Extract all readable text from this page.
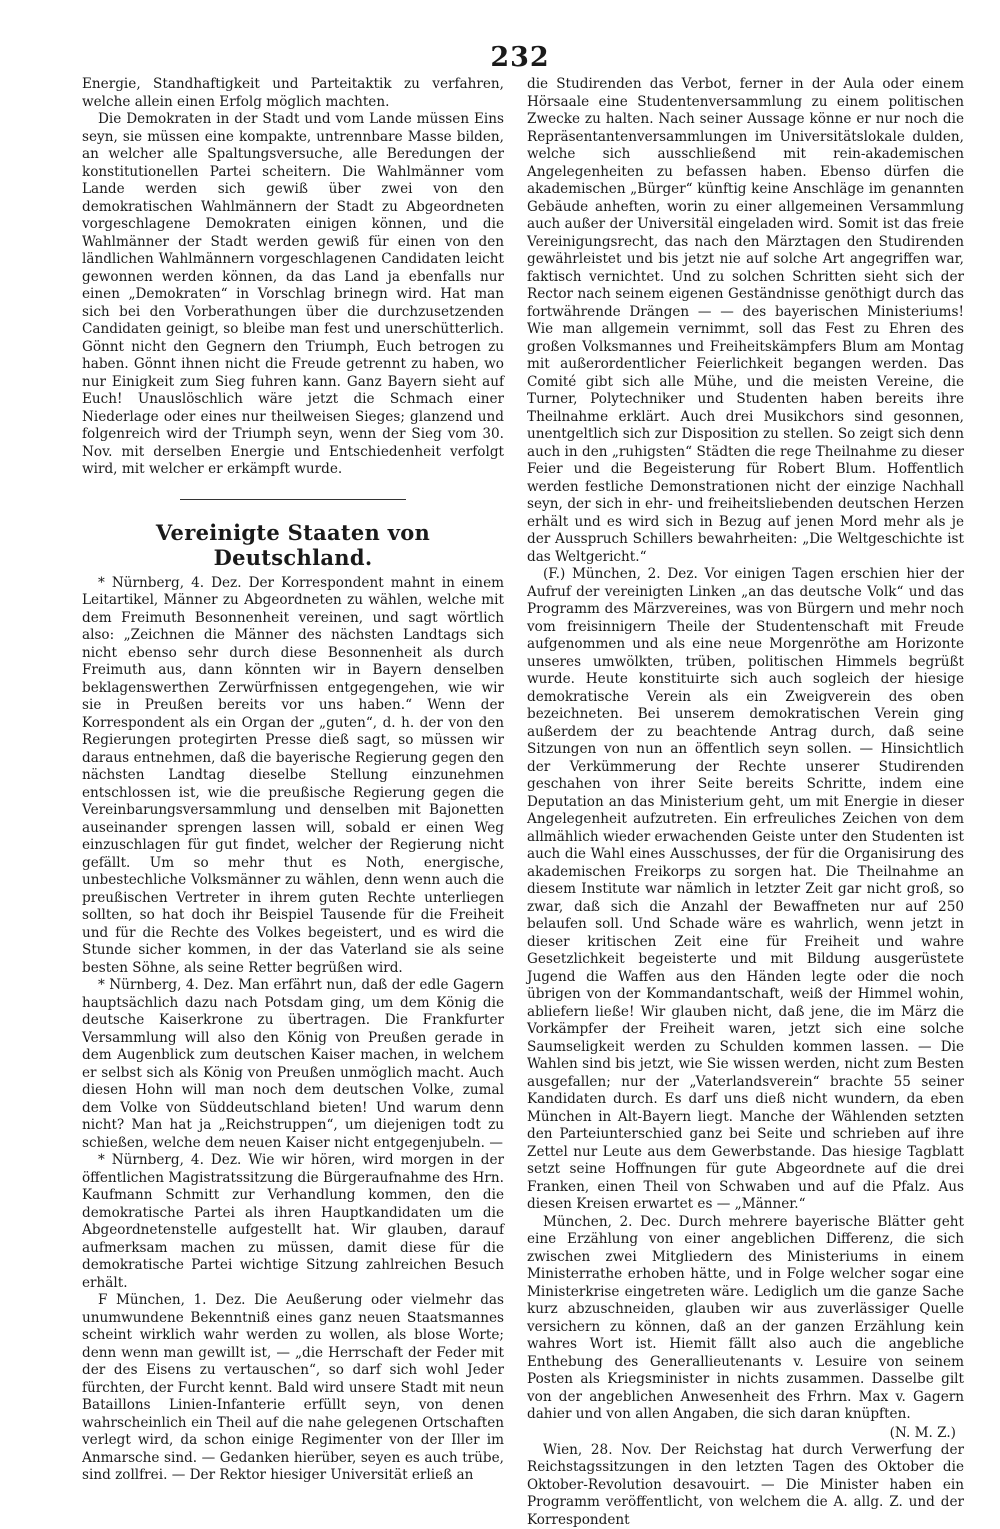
232

Energie, Standhaftigkeit und Parteitaktik zu verfahren, welche allein einen Erfolg möglich machten.

Die Demokraten in der Stadt und vom Lande müssen Eins seyn, sie müssen eine kompakte, untrennbare Masse bilden, an welcher alle Spaltungsversuche, alle Beredungen der konstitutionellen Partei scheitern. Die Wahlmänner vom Lande werden sich gewiß über zwei von den demokratischen Wahlmännern der Stadt zu Abgeordneten vorgeschlagene Demokraten einigen können, und die Wahlmänner der Stadt werden gewiß für einen von den ländlichen Wahlmännern vorgeschlagenen Candidaten leicht gewonnen werden können, da das Land ja ebenfalls nur einen „Demokraten“ in Vorschlag brinegn wird. Hat man sich bei den Vorberathungen über die durchzusetzenden Candidaten geinigt, so bleibe man fest und unerschütterlich. Gönnt nicht den Gegnern den Triumph, Euch betrogen zu haben. Gönnt ihnen nicht die Freude getrennt zu haben, wo nur Einigkeit zum Sieg fuhren kann. Ganz Bayern sieht auf Euch! Unauslöschlich wäre jetzt die Schmach einer Niederlage oder eines nur theilweisen Sieges; glanzend und folgenreich wird der Triumph seyn, wenn der Sieg vom 30. Nov. mit derselben Energie und Entschiedenheit verfolgt wird, mit welcher er erkämpft wurde.

Vereinigte Staaten von Deutschland.

* Nürnberg, 4. Dez. Der Korrespondent mahnt in einem Leitartikel, Männer zu Abgeordneten zu wählen, welche mit dem Freimuth Besonnenheit vereinen, und sagt wörtlich also: „Zeichnen die Männer des nächsten Landtags sich nicht ebenso sehr durch diese Besonnenheit als durch Freimuth aus, dann könnten wir in Bayern denselben beklagenswerthen Zerwürfnissen entgegengehen, wie wir sie in Preußen bereits vor uns haben.“ Wenn der Korrespondent als ein Organ der „guten“, d. h. der von den Regierungen protegirten Presse dieß sagt, so müssen wir daraus entnehmen, daß die bayerische Regierung gegen den nächsten Landtag dieselbe Stellung einzunehmen entschlossen ist, wie die preußische Regierung gegen die Vereinbarungsversammlung und denselben mit Bajonetten auseinander sprengen lassen will, sobald er einen Weg einzuschlagen für gut findet, welcher der Regierung nicht gefällt. Um so mehr thut es Noth, energische, unbestechliche Volksmänner zu wählen, denn wenn auch die preußischen Vertreter in ihrem guten Rechte unterliegen sollten, so hat doch ihr Beispiel Tausende für die Freiheit und für die Rechte des Volkes begeistert, und es wird die Stunde sicher kommen, in der das Vaterland sie als seine besten Söhne, als seine Retter begrüßen wird.

* Nürnberg, 4. Dez. Man erfährt nun, daß der edle Gagern hauptsächlich dazu nach Potsdam ging, um dem König die deutsche Kaiserkrone zu übertragen. Die Frankfurter Versammlung will also den König von Preußen gerade in dem Augenblick zum deutschen Kaiser machen, in welchem er selbst sich als König von Preußen unmöglich macht. Auch diesen Hohn will man noch dem deutschen Volke, zumal dem Volke von Süddeutschland bieten! Und warum denn nicht? Man hat ja „Reichstruppen“, um diejenigen todt zu schießen, welche dem neuen Kaiser nicht entgegenjubeln. —

* Nürnberg, 4. Dez. Wie wir hören, wird morgen in der öffentlichen Magistratssitzung die Bürgeraufnahme des Hrn. Kaufmann Schmitt zur Verhandlung kommen, den die demokratische Partei als ihren Hauptkandidaten um die Abgeordnetenstelle aufgestellt hat. Wir glauben, darauf aufmerksam machen zu müssen, damit diese für die demokratische Partei wichtige Sitzung zahlreichen Besuch erhält.

F München, 1. Dez. Die Aeußerung oder vielmehr das unumwundene Bekenntniß eines ganz neuen Staatsmannes scheint wirklich wahr werden zu wollen, als blose Worte; denn wenn man gewillt ist, — „die Herrschaft der Feder mit der des Eisens zu vertauschen“, so darf sich wohl Jeder fürchten, der Furcht kennt. Bald wird unsere Stadt mit neun Bataillons Linien-Infanterie erfüllt seyn, von denen wahrscheinlich ein Theil auf die nahe gelegenen Ortschaften verlegt wird, da schon einige Regimenter von der Iller im Anmarsche sind. — Gedanken hierüber, seyen es auch trübe, sind zollfrei. — Der Rektor hiesiger Universität erließ an

die Studirenden das Verbot, ferner in der Aula oder einem Hörsaale eine Studentenversammlung zu einem politischen Zwecke zu halten. Nach seiner Aussage könne er nur noch die Repräsentantenversammlungen im Universitätslokale dulden, welche sich ausschließend mit rein-akademischen Angelegenheiten zu befassen haben. Ebenso dürfen die akademischen „Bürger“ künftig keine Anschläge im genannten Gebäude anheften, worin zu einer allgemeinen Versammlung auch außer der Universitäl eingeladen wird. Somit ist das freie Vereinigungsrecht, das nach den Märztagen den Studirenden gewährleistet und bis jetzt nie auf solche Art angegriffen war, faktisch vernichtet. Und zu solchen Schritten sieht sich der Rector nach seinem eigenen Geständnisse genöthigt durch das fortwährende Drängen — — des bayerischen Ministeriums! Wie man allgemein vernimmt, soll das Fest zu Ehren des großen Volksmannes und Freiheitskämpfers Blum am Montag mit außerordentlicher Feierlichkeit begangen werden. Das Comité gibt sich alle Mühe, und die meisten Vereine, die Turner, Polytechniker und Studenten haben bereits ihre Theilnahme erklärt. Auch drei Musikchors sind gesonnen, unentgeltlich sich zur Disposition zu stellen. So zeigt sich denn auch in den „ruhigsten“ Städten die rege Theilnahme zu dieser Feier und die Begeisterung für Robert Blum. Hoffentlich werden festliche Demonstrationen nicht der einzige Nachhall seyn, der sich in ehr- und freiheitsliebenden deutschen Herzen erhält und es wird sich in Bezug auf jenen Mord mehr als je der Ausspruch Schillers bewahrheiten: „Die Weltgeschichte ist das Weltgericht.“

(F.) München, 2. Dez. Vor einigen Tagen erschien hier der Aufruf der vereinigten Linken „an das deutsche Volk“ und das Programm des Märzvereines, was von Bürgern und mehr noch vom freisinnigern Theile der Studentenschaft mit Freude aufgenommen und als eine neue Morgenröthe am Horizonte unseres umwölkten, trüben, politischen Himmels begrüßt wurde. Heute konstituirte sich auch sogleich der hiesige demokratische Verein als ein Zweigverein des oben bezeichneten. Bei unserem demokratischen Verein ging außerdem der zu beachtende Antrag durch, daß seine Sitzungen von nun an öffentlich seyn sollen. — Hinsichtlich der Verkümmerung der Rechte unserer Studirenden geschahen von ihrer Seite bereits Schritte, indem eine Deputation an das Ministerium geht, um mit Energie in dieser Angelegenheit aufzutreten. Ein erfreuliches Zeichen von dem allmählich wieder erwachenden Geiste unter den Studenten ist auch die Wahl eines Ausschusses, der für die Organisirung des akademischen Freikorps zu sorgen hat. Die Theilnahme an diesem Institute war nämlich in letzter Zeit gar nicht groß, so zwar, daß sich die Anzahl der Bewaffneten nur auf 250 belaufen soll. Und Schade wäre es wahrlich, wenn jetzt in dieser kritischen Zeit eine für Freiheit und wahre Gesetzlichkeit begeisterte und mit Bildung ausgerüstete Jugend die Waffen aus den Händen legte oder die noch übrigen von der Kommandantschaft, weiß der Himmel wohin, abliefern ließe! Wir glauben nicht, daß jene, die im März die Vorkämpfer der Freiheit waren, jetzt sich eine solche Saumseligkeit werden zu Schulden kommen lassen. — Die Wahlen sind bis jetzt, wie Sie wissen werden, nicht zum Besten ausgefallen; nur der „Vaterlandsverein“ brachte 55 seiner Kandidaten durch. Es darf uns dieß nicht wundern, da eben München in Alt-Bayern liegt. Manche der Wählenden setzten den Parteiunterschied ganz bei Seite und schrieben auf ihre Zettel nur Leute aus dem Gewerbstande. Das hiesige Tagblatt setzt seine Hoffnungen für gute Abgeordnete auf die drei Franken, einen Theil von Schwaben und auf die Pfalz. Aus diesen Kreisen erwartet es — „Männer.“

München, 2. Dec. Durch mehrere bayerische Blätter geht eine Erzählung von einer angeblichen Differenz, die sich zwischen zwei Mitgliedern des Ministeriums in einem Ministerrathe erhoben hätte, und in Folge welcher sogar eine Ministerkrise eingetreten wäre. Lediglich um die ganze Sache kurz abzuschneiden, glauben wir aus zuverlässiger Quelle versichern zu können, daß an der ganzen Erzählung kein wahres Wort ist. Hiemit fällt also auch die angebliche Enthebung des Generallieutenants v. Lesuire von seinem Posten als Kriegsminister in nichts zusammen. Dasselbe gilt von der angeblichen Anwesenheit des Frhrn. Max v. Gagern dahier und von allen Angaben, die sich daran knüpften.

(N. M. Z.)

Wien, 28. Nov. Der Reichstag hat durch Verwerfung der Reichstagssitzungen in den letzten Tagen des Oktober die Oktober-Revolution desavouirt. — Die Minister haben ein Programm veröffentlicht, von welchem die A. allg. Z. und der Korrespondent
